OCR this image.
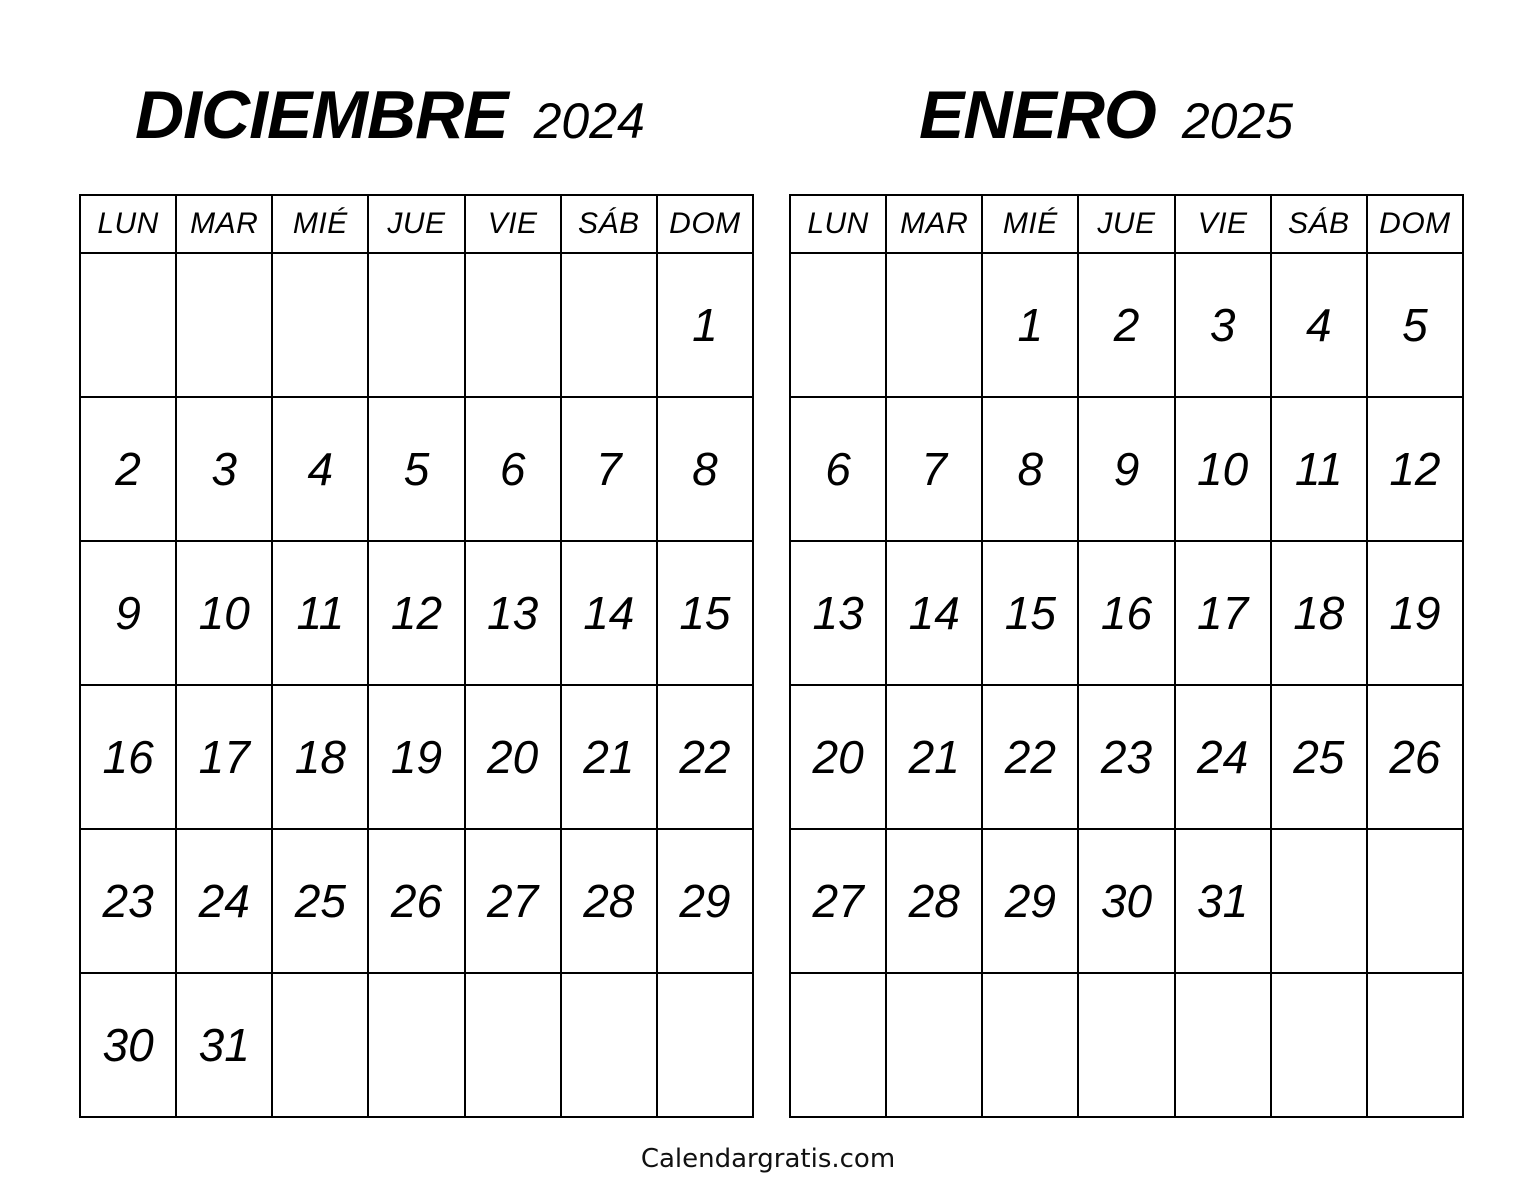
DICIEMBRE 2024	ENERO 2025
LUN	MAR	MIÉ	JUE	VIE	SÁB	DOM
						1
2	3	4	5	6	7	8
9	10	11	12	13	14	15
16	17	18	19	20	21	22
23	24	25	26	27	28	29
30	31					
LUN	MAR	MIÉ	JUE	VIE	SÁB	DOM
		1	2	3	4	5
6	7	8	9	10	11	12
13	14	15	16	17	18	19
20	21	22	23	24	25	26
27	28	29	30	31		

Calendargratis.com
